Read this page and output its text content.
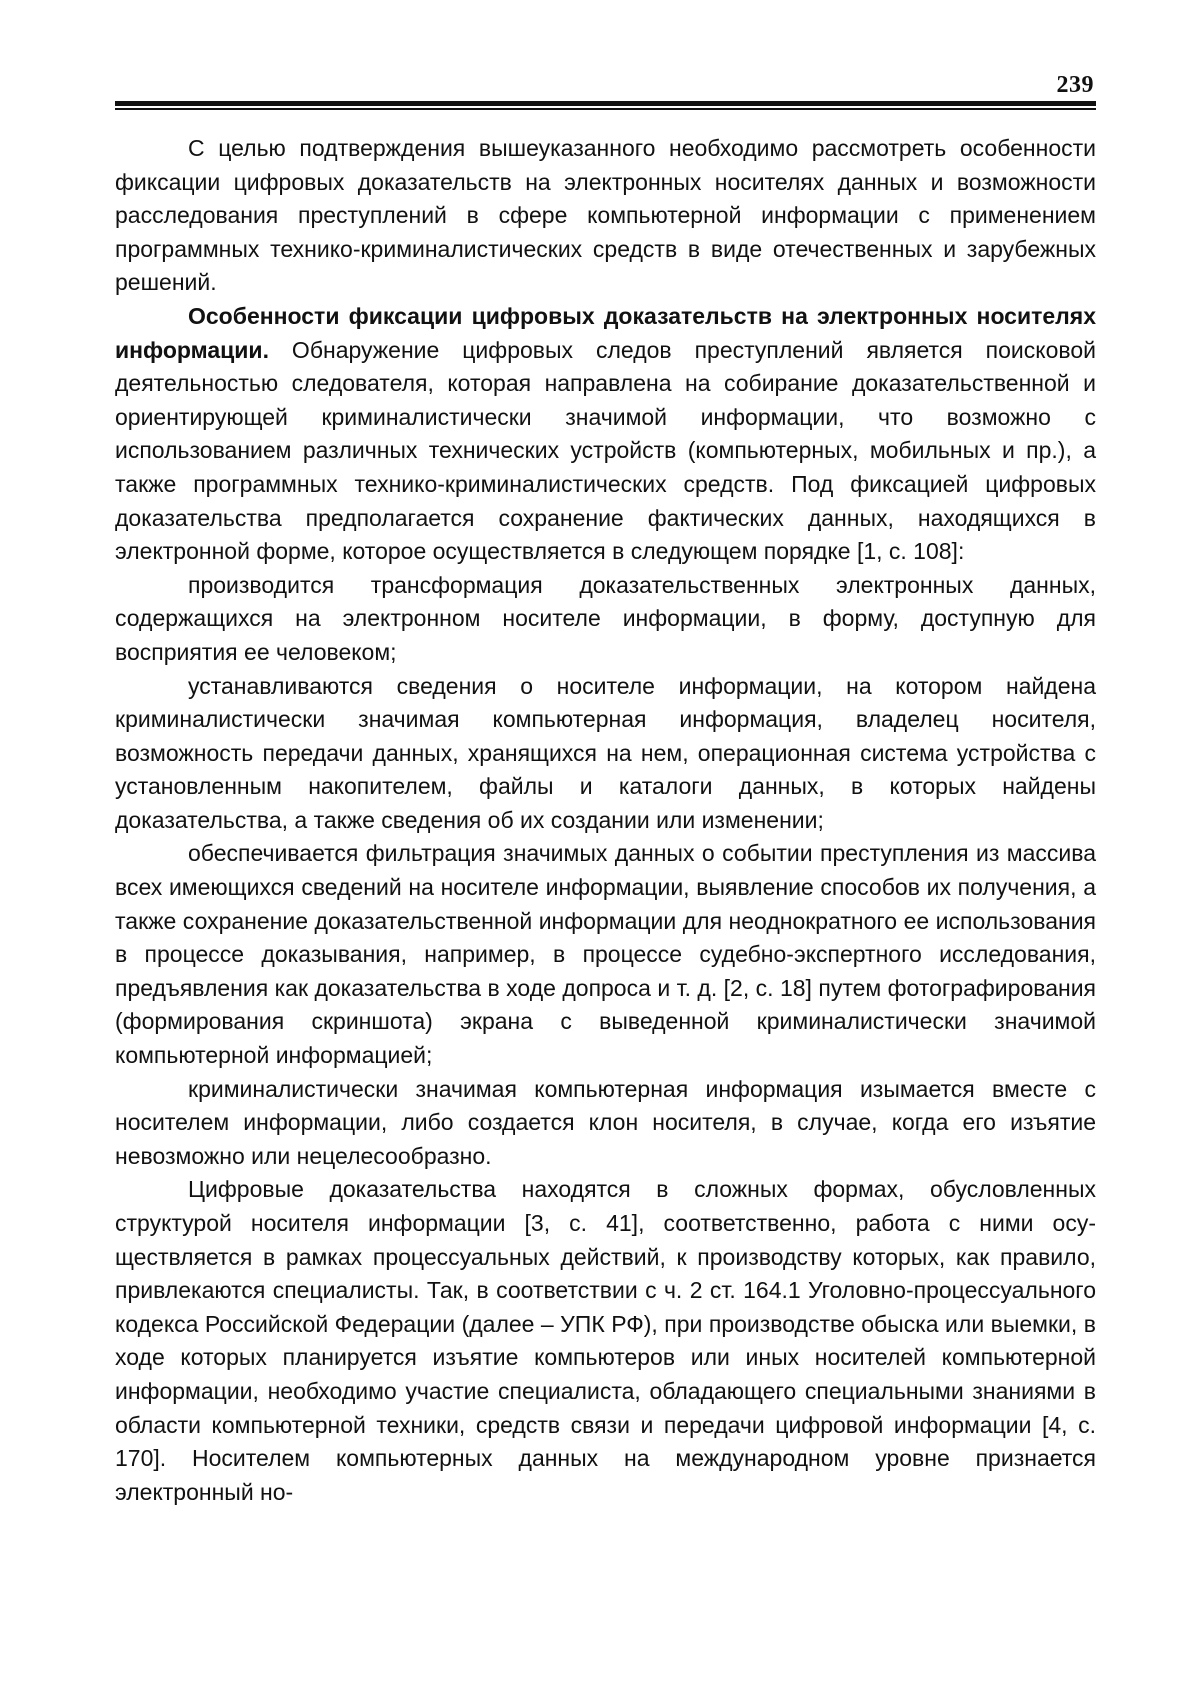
239

С целью подтверждения вышеуказанного необходимо рассмотреть особенности фиксации цифровых доказательств на электронных носителях данных и возможности расследования преступлений в сфере компьютерной информации с применением программных технико-криминалистических средств в виде отечественных и зарубежных решений.

Особенности фиксации цифровых доказательств на электронных носителях информации. Обнаружение цифровых следов преступлений является поисковой деятельностью следователя, которая направлена на собирание доказательственной и ориентирующей криминалистически значимой информации, что возможно с использованием различных технических устройств (компьютерных, мобильных и пр.), а также программных технико-криминалистических средств. Под фиксацией цифровых доказательства предполагается сохранение фактических данных, находящихся в электронной форме, которое осуществляется в следующем порядке [1, с. 108]:

производится трансформация доказательственных электронных данных, содержащихся на электронном носителе информации, в форму, доступную для восприятия ее человеком;

устанавливаются сведения о носителе информации, на котором найдена криминалистически значимая компьютерная информация, владелец носителя, возможность передачи данных, хранящихся на нем, операционная система устройства с установленным накопителем, файлы и каталоги данных, в которых найдены доказательства, а также сведения об их создании или изменении;

обеспечивается фильтрация значимых данных о событии преступления из массива всех имеющихся сведений на носителе информации, выявление способов их получения, а также сохранение доказательственной информации для неоднократного ее использования в процессе доказывания, например, в процессе судебно-экспертного исследования, предъявления как доказательства в ходе допроса и т. д. [2, с. 18] путем фотографирования (формирования скриншота) экрана с выведенной криминалистически значимой компьютерной информацией;

криминалистически значимая компьютерная информация изымается вместе с носителем информации, либо создается клон носителя, в случае, когда его изъятие невозможно или нецелесообразно.

Цифровые доказательства находятся в сложных формах, обусловленных структурой носителя информации [3, с. 41], соответственно, работа с ними осуществляется в рамках процессуальных действий, к производству которых, как правило, привлекаются специалисты. Так, в соответствии с ч. 2 ст. 164.1 Уголовно-процессуального кодекса Российской Федерации (далее – УПК РФ), при производстве обыска или выемки, в ходе которых планируется изъятие компьютеров или иных носителей компьютерной информации, необходимо участие специалиста, обладающего специальными знаниями в области компьютерной техники, средств связи и передачи цифровой информации [4, с. 170]. Носителем компьютерных данных на международном уровне признается электронный но-
